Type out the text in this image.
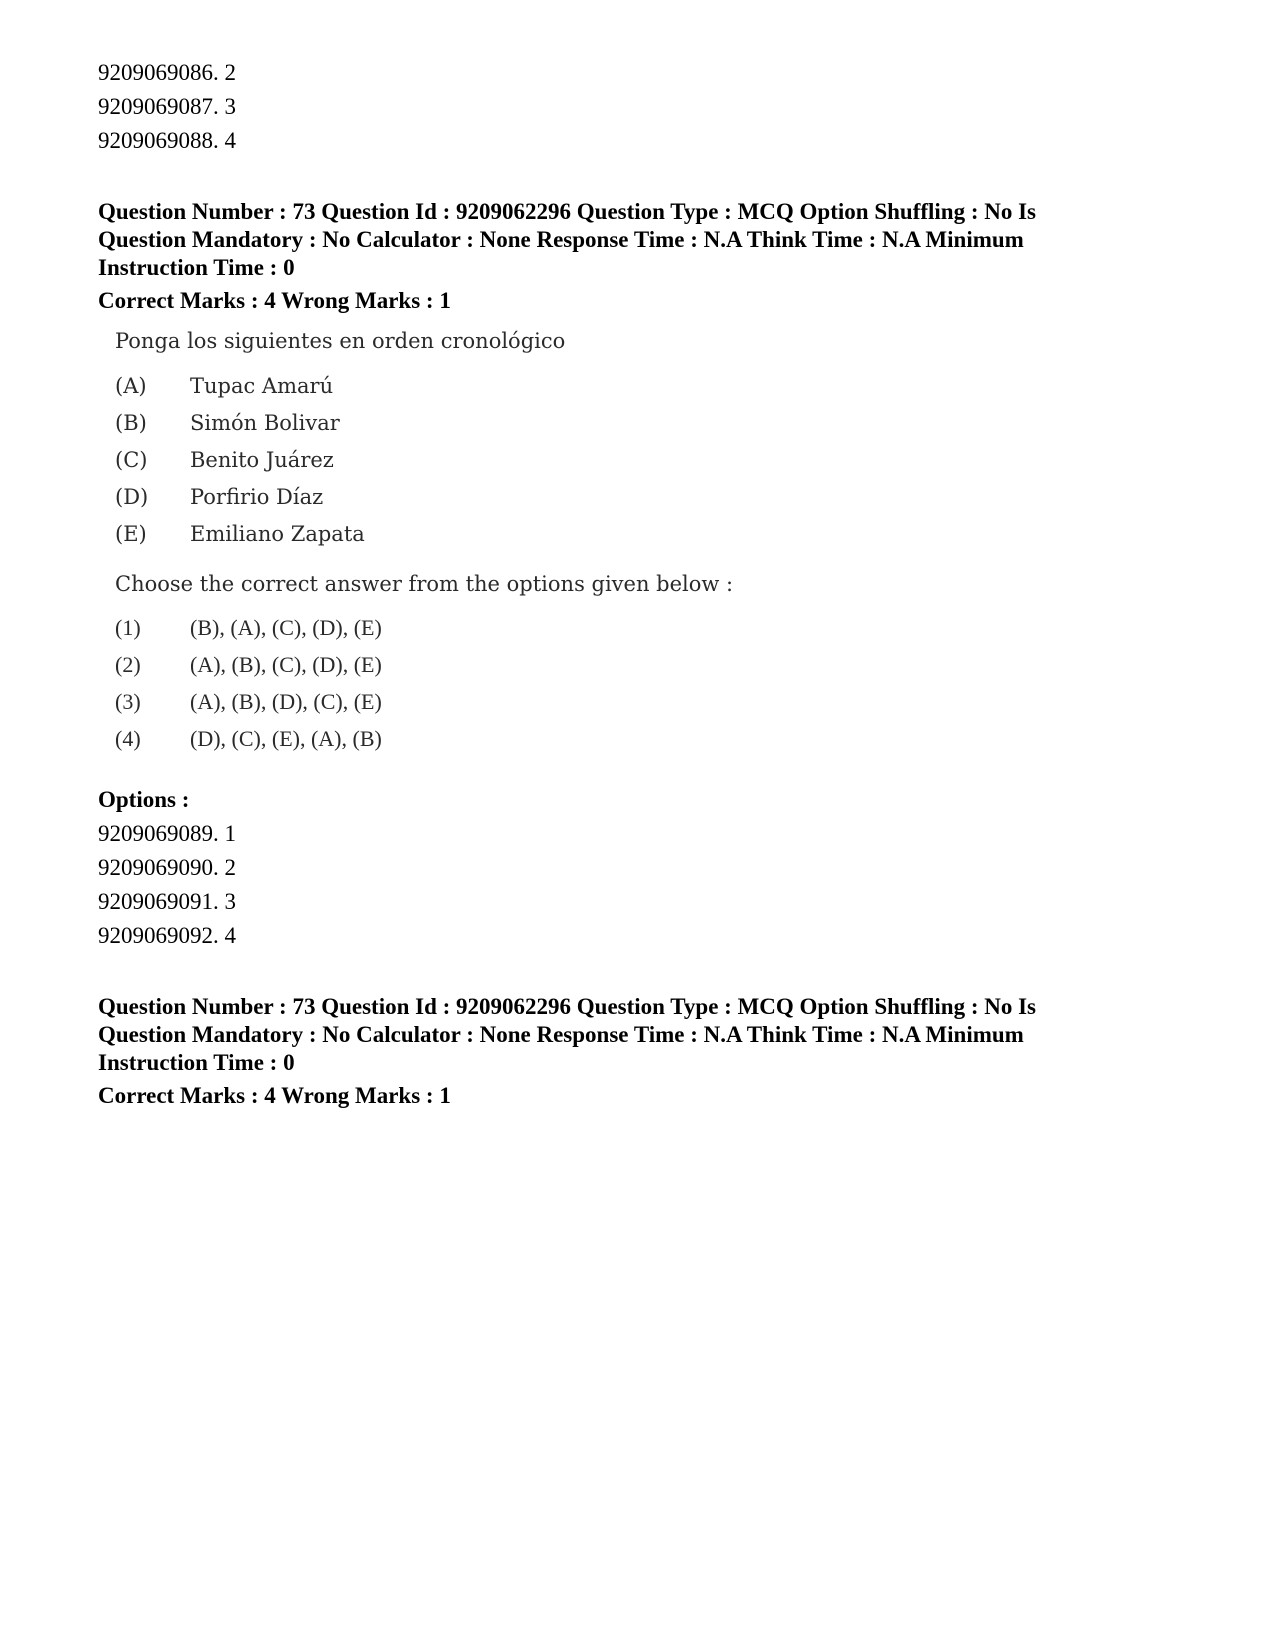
9209069086. 2
9209069087. 3
9209069088. 4
Question Number : 73 Question Id : 9209062296 Question Type : MCQ Option Shuffling : No Is
Question Mandatory : No Calculator : None Response Time : N.A Think Time : N.A Minimum
Instruction Time : 0
Correct Marks : 4 Wrong Marks : 1
Ponga los siguientes en orden cronológico
(A)	Tupac Amarú
(B)	Simón Bolivar
(C)	Benito Juárez
(D)	Porfirio Díaz
(E)	Emiliano Zapata
Choose the correct answer from the options given below :
(1)	(B), (A), (C), (D), (E)
(2)	(A), (B), (C), (D), (E)
(3)	(A), (B), (D), (C), (E)
(4)	(D), (C), (E), (A), (B)
Options :
9209069089. 1
9209069090. 2
9209069091. 3
9209069092. 4
Question Number : 73 Question Id : 9209062296 Question Type : MCQ Option Shuffling : No Is
Question Mandatory : No Calculator : None Response Time : N.A Think Time : N.A Minimum
Instruction Time : 0
Correct Marks : 4 Wrong Marks : 1
